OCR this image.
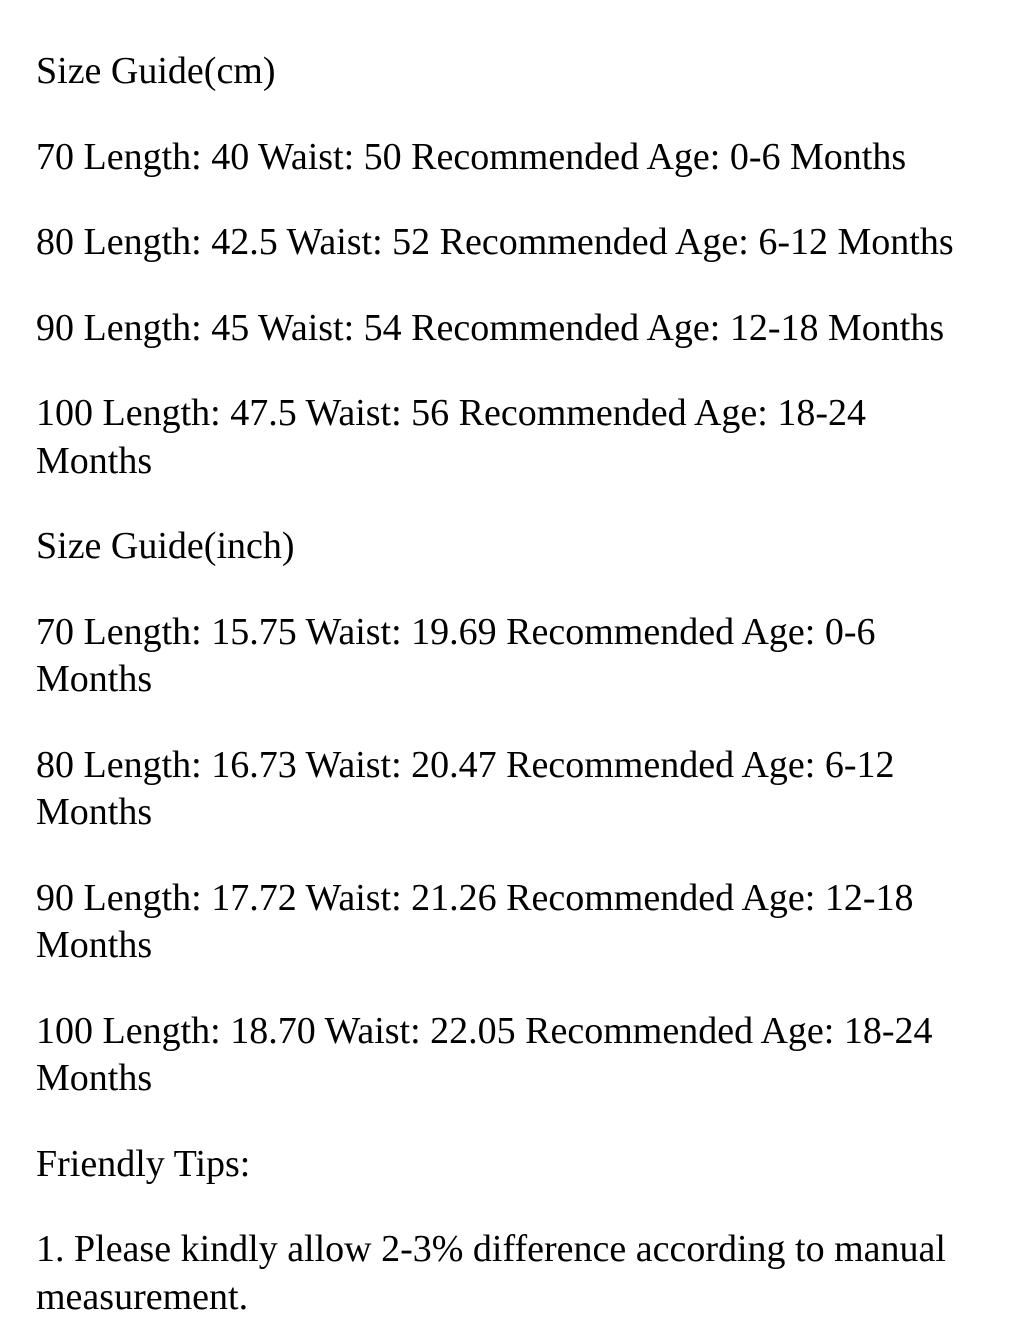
Size Guide(cm)

70 Length: 40 Waist: 50 Recommended Age: 0-6 Months

80 Length: 42.5 Waist: 52 Recommended Age: 6-12 Months

90 Length: 45 Waist: 54 Recommended Age: 12-18 Months

100 Length: 47.5 Waist: 56 Recommended Age: 18-24 Months

Size Guide(inch)

70 Length: 15.75 Waist: 19.69 Recommended Age: 0-6 Months

80 Length: 16.73 Waist: 20.47 Recommended Age: 6-12 Months

90 Length: 17.72 Waist: 21.26 Recommended Age: 12-18 Months

100 Length: 18.70 Waist: 22.05 Recommended Age: 18-24 Months

Friendly Tips:

1. Please kindly allow 2-3% difference according to manual measurement.
